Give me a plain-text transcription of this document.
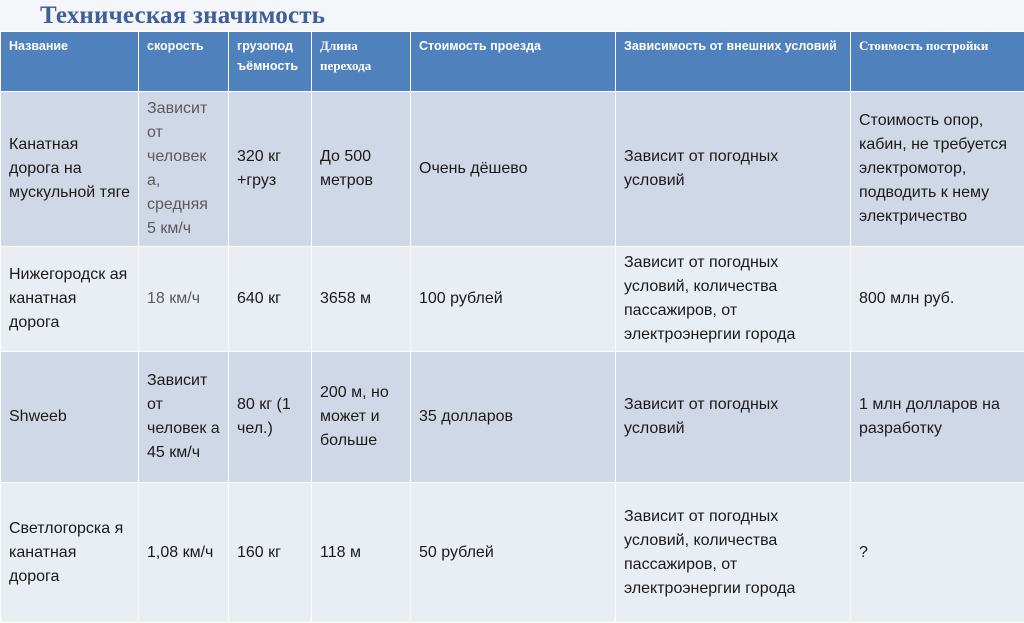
Техническая значимость
Название	скорость	грузопод ъёмность	Длина перехода	Стоимость проезда	Зависимость от внешних условий	Стоимость постройки
Канатная дорога на мускульной тяге	Зависит от человек а, средняя 5 км/ч	320 кг +груз	До 500 метров	Очень дёшево	Зависит от погодных условий	Стоимость опор, кабин, не требуется электромотор, подводить к нему электричество
Нижегородск ая канатная дорога	18 км/ч	640 кг	3658 м	100 рублей	Зависит от погодных условий, количества пассажиров, от электроэнергии города	800 млн руб.
Shweeb	Зависит от человек а 45 км/ч	80 кг (1 чел.)	200 м, но может и больше	35 долларов	Зависит от погодных условий	1 млн долларов на разработку
Светлогорска я канатная дорога	1,08 км/ч	160 кг	118 м	50 рублей	Зависит от погодных условий, количества пассажиров, от электроэнергии города	?
